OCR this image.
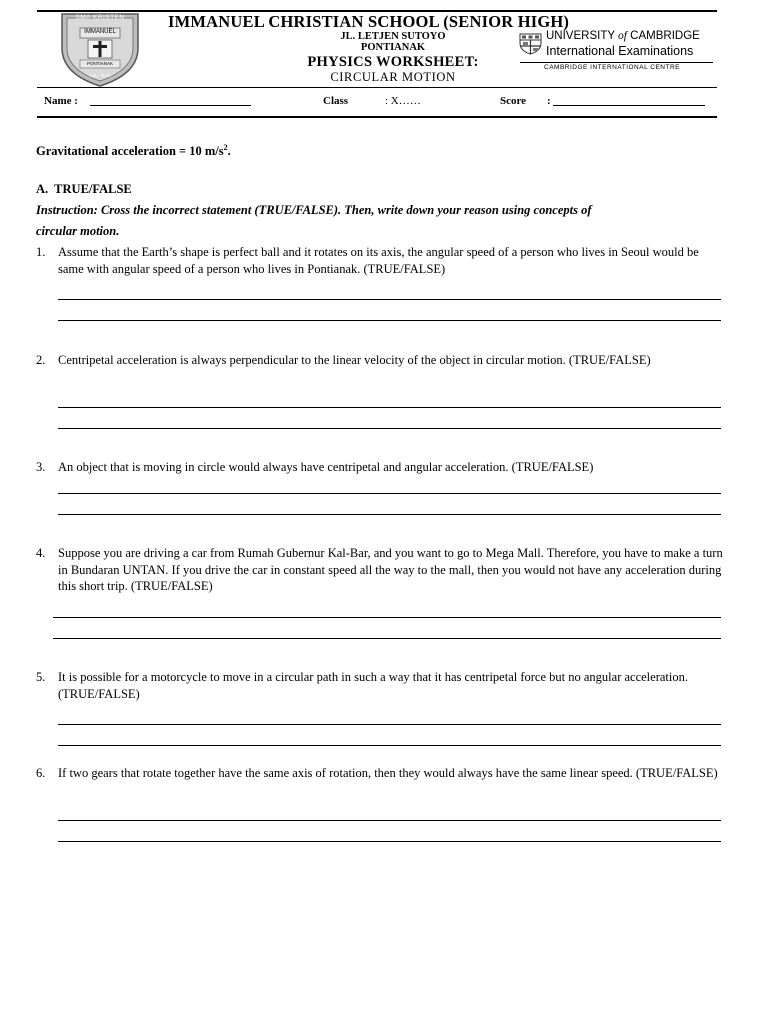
SMA KRISTEN
IMMANUEL
PONTIANAK
KAL - BAR
IMMANUEL CHRISTIAN SCHOOL (SENIOR HIGH)
JL. LETJEN SUTOYO
PONTIANAK
PHYSICS WORKSHEET:
CIRCULAR MOTION
UNIVERSITY of CAMBRIDGE
International Examinations
CAMBRIDGE INTERNATIONAL CENTRE
Name :	Class	: X……	Score :
Gravitational acceleration = 10 $m/s^2$.
A.  TRUE/FALSE
Instruction: Cross the incorrect statement (TRUE/FALSE). Then, write down your reason using concepts of
circular motion.
1.	Assume that the Earth’s shape is perfect ball and it rotates on its axis, the angular speed of a person who lives in Seoul would be same with angular speed of a person who lives in Pontianak. (TRUE/FALSE)
2.	Centripetal acceleration is always perpendicular to the linear velocity of the object in circular motion. (TRUE/FALSE)
3.	An object that is moving in circle would always have centripetal and angular acceleration. (TRUE/FALSE)
4.	Suppose you are driving a car from Rumah Gubernur Kal-Bar, and you want to go to Mega Mall. Therefore, you have to make a turn in Bundaran UNTAN. If you drive the car in constant speed all the way to the mall, then you would not have any acceleration during this short trip. (TRUE/FALSE)
5.	It is possible for a motorcycle to move in a circular path in such a way that it has centripetal force but no angular acceleration. (TRUE/FALSE)
6.	If two gears that rotate together have the same axis of rotation, then they would always have the same linear speed. (TRUE/FALSE)
